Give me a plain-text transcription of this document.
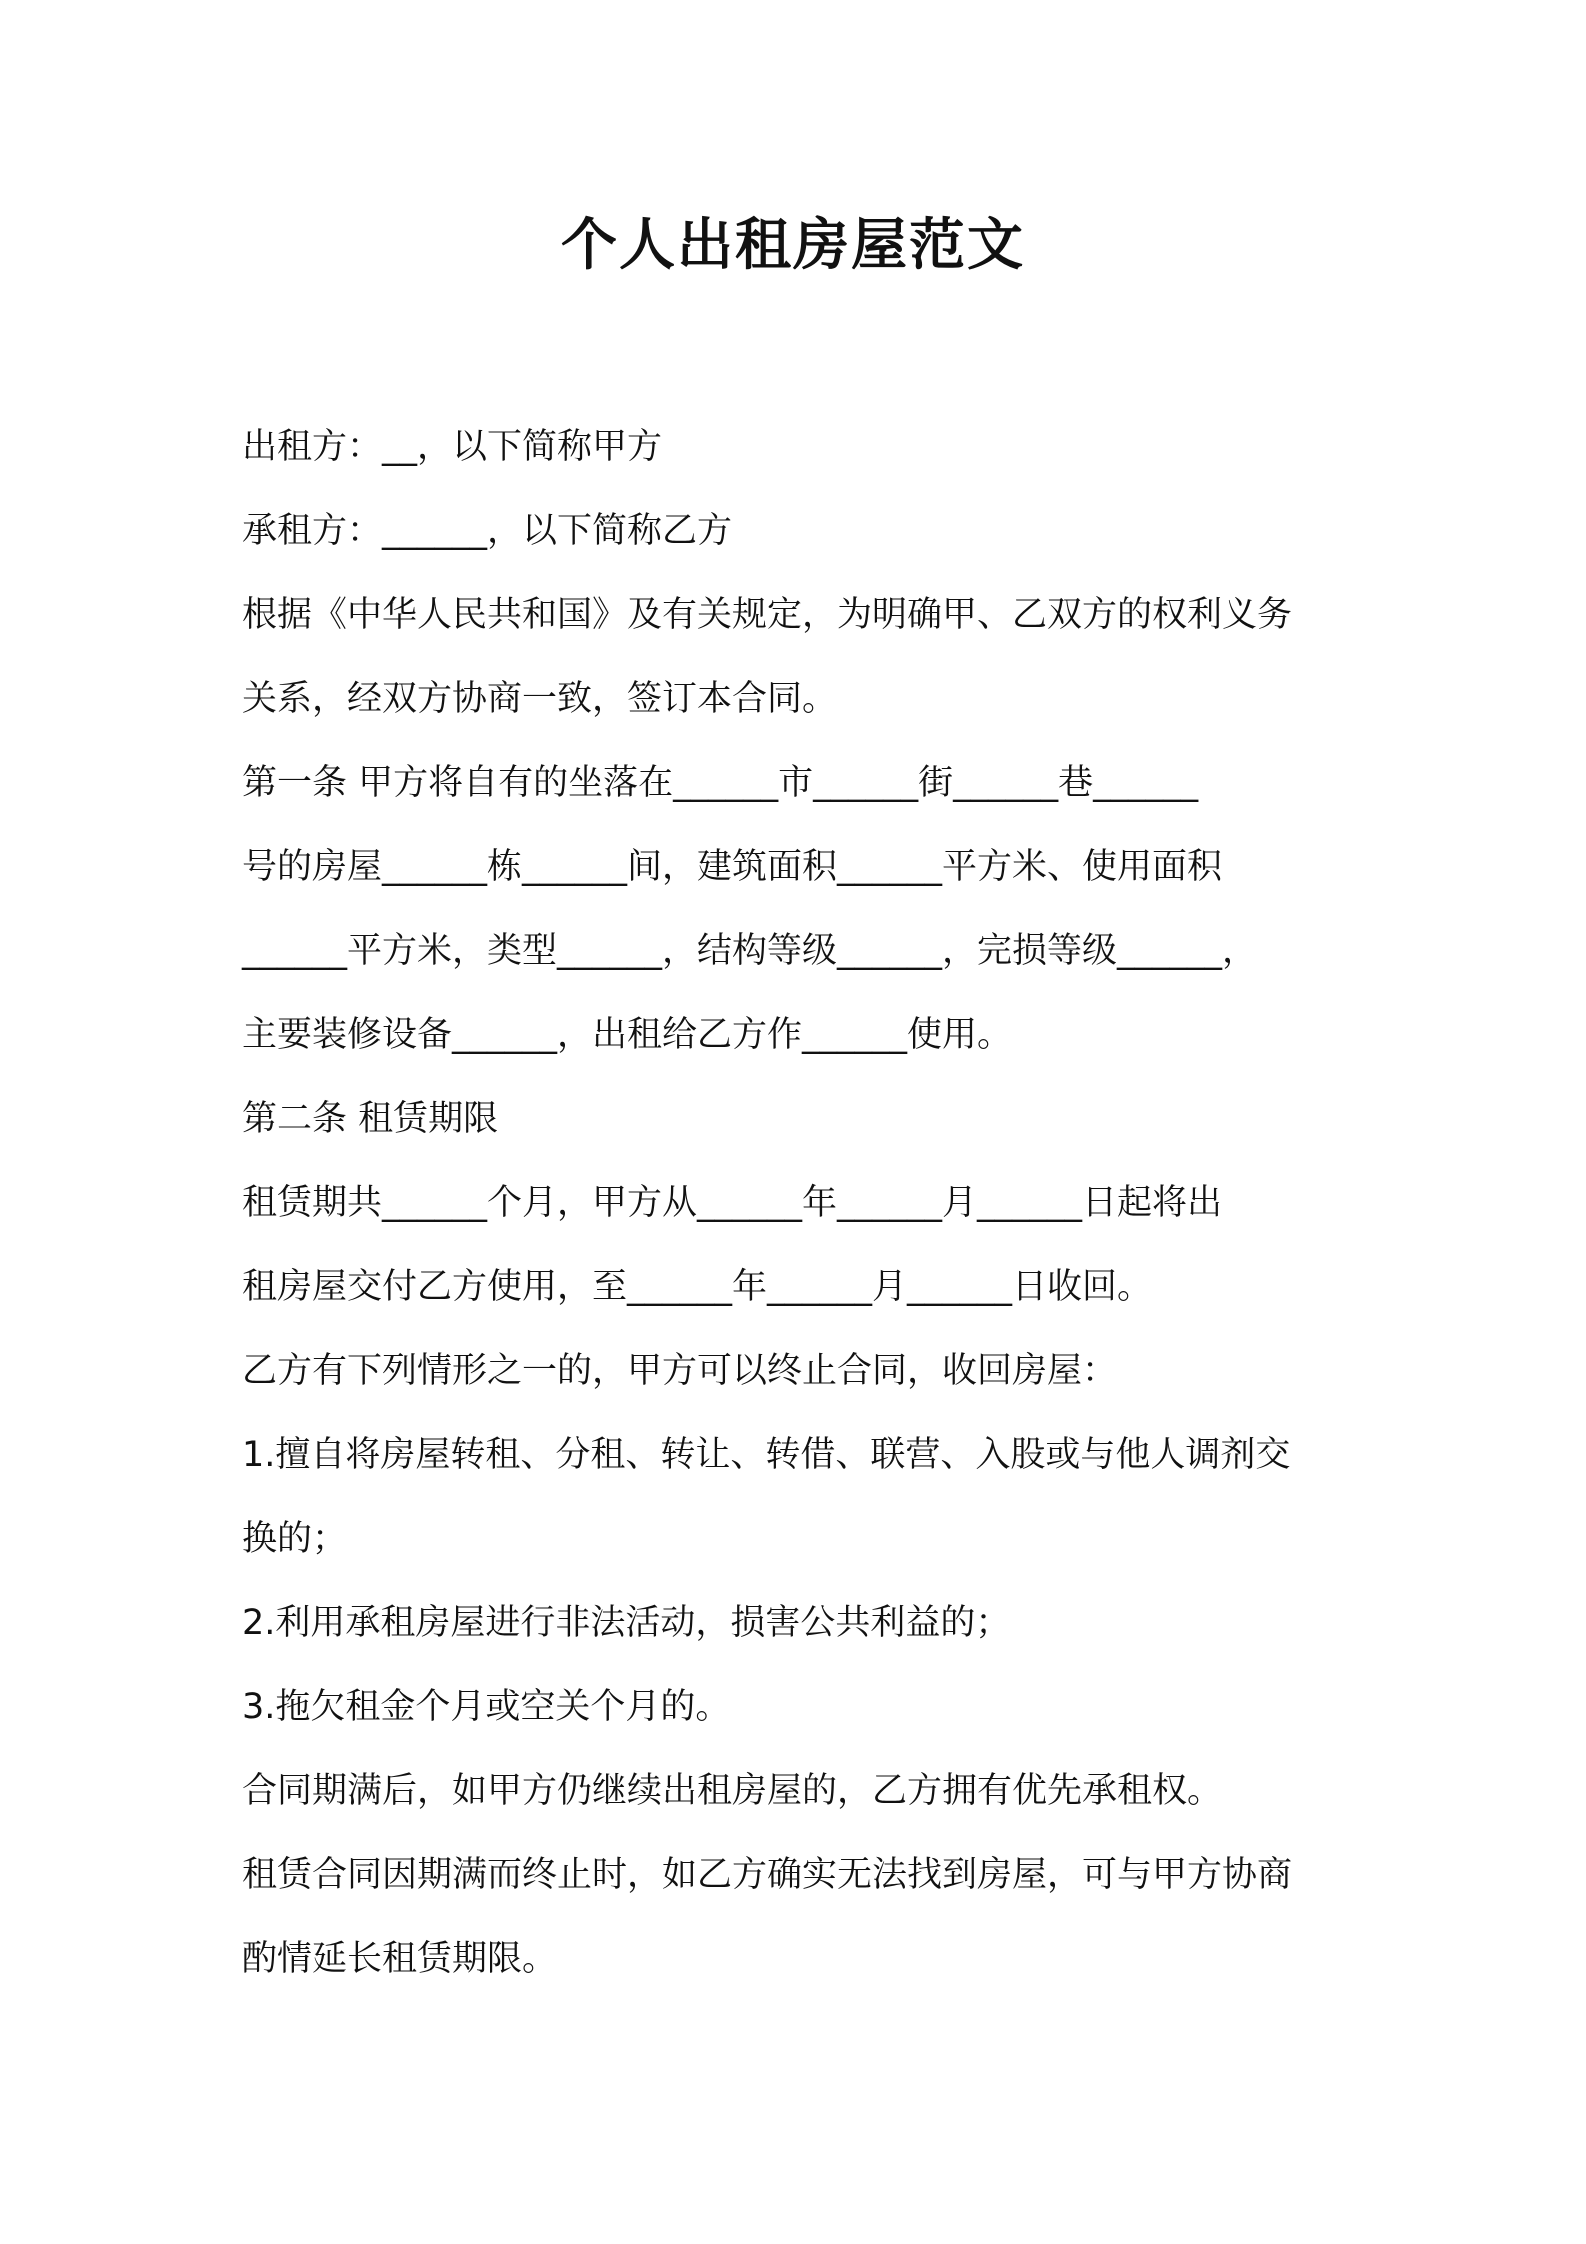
个人出租房屋范文

出租方：__，以下简称甲方

承租方：______，以下简称乙方

根据《中华人民共和国》及有关规定，为明确甲、乙双方的权利义务

关系，经双方协商一致，签订本合同。

第一条 甲方将自有的坐落在______市______街______巷______

号的房屋______栋______间，建筑面积______平方米、使用面积

______平方米，类型______，结构等级______，完损等级______，

主要装修设备______，出租给乙方作______使用。

第二条 租赁期限

租赁期共______个月，甲方从______年______月______日起将出

租房屋交付乙方使用，至______年______月______日收回。

乙方有下列情形之一的，甲方可以终止合同，收回房屋：

1.擅自将房屋转租、分租、转让、转借、联营、入股或与他人调剂交

换的；

2.利用承租房屋进行非法活动，损害公共利益的；

3.拖欠租金个月或空关个月的。

合同期满后，如甲方仍继续出租房屋的，乙方拥有优先承租权。

租赁合同因期满而终止时，如乙方确实无法找到房屋，可与甲方协商

酌情延长租赁期限。
